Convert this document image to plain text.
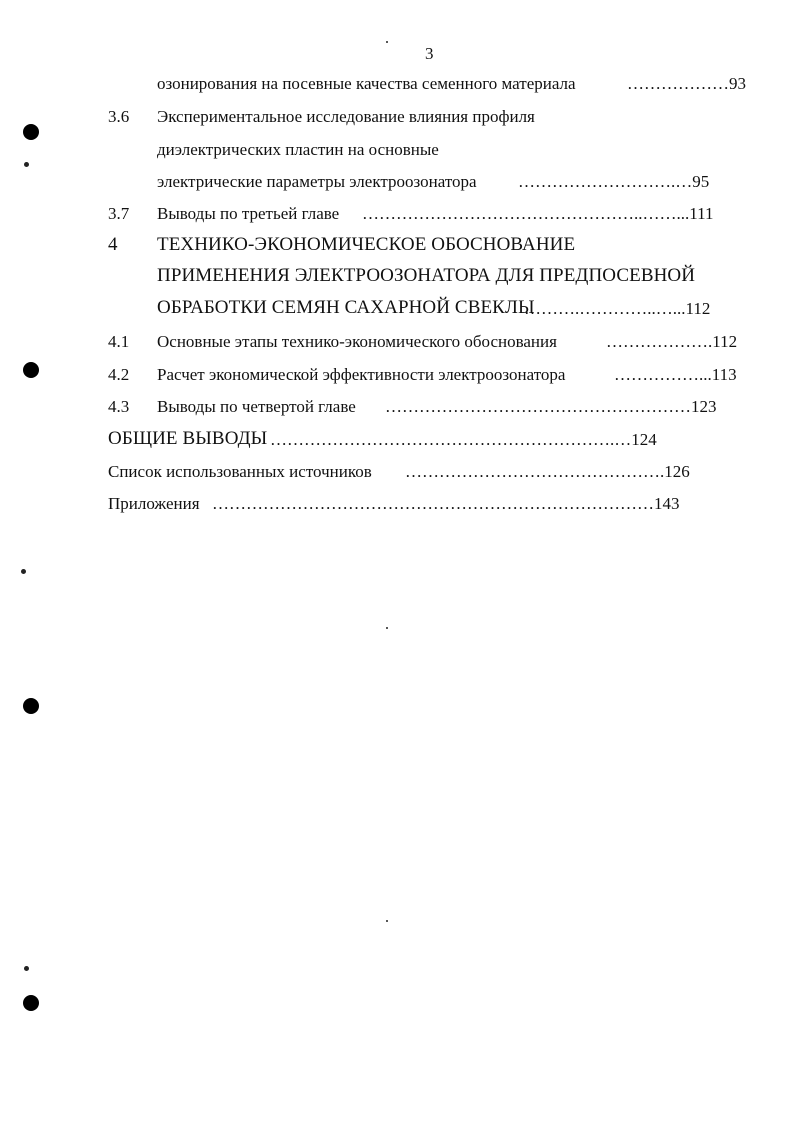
3
озонирования на посевные качества семенного материала	………………93
3.6 Экспериментальное исследование влияния профиля
диэлектрических пластин на основные
электрические параметры электроозонатора ……………………….…95
3.7 Выводы по третьей главе …………………………………………..……...111
4 ТЕХНИКО-ЭКОНОМИЧЕСКОЕ ОБОСНОВАНИЕ
ПРИМЕНЕНИЯ ЭЛЕКТРООЗОНАТОРА ДЛЯ ПРЕДПОСЕВНОЙ
ОБРАБОТКИ СЕМЯН САХАРНОЙ СВЕКЛЫ
……….…………..…...112
4.1 Основные этапы технико-экономического обоснования	……………….112
4.2 Расчет экономической эффективности электроозонатора	……………...113
4.3 Выводы по четвертой главе ………………………………………………123
ОБЩИЕ ВЫВОДЫ …………………………………………………….…124
Список использованных источников ……………………………………….126
Приложения ……………………………………………………………………143
